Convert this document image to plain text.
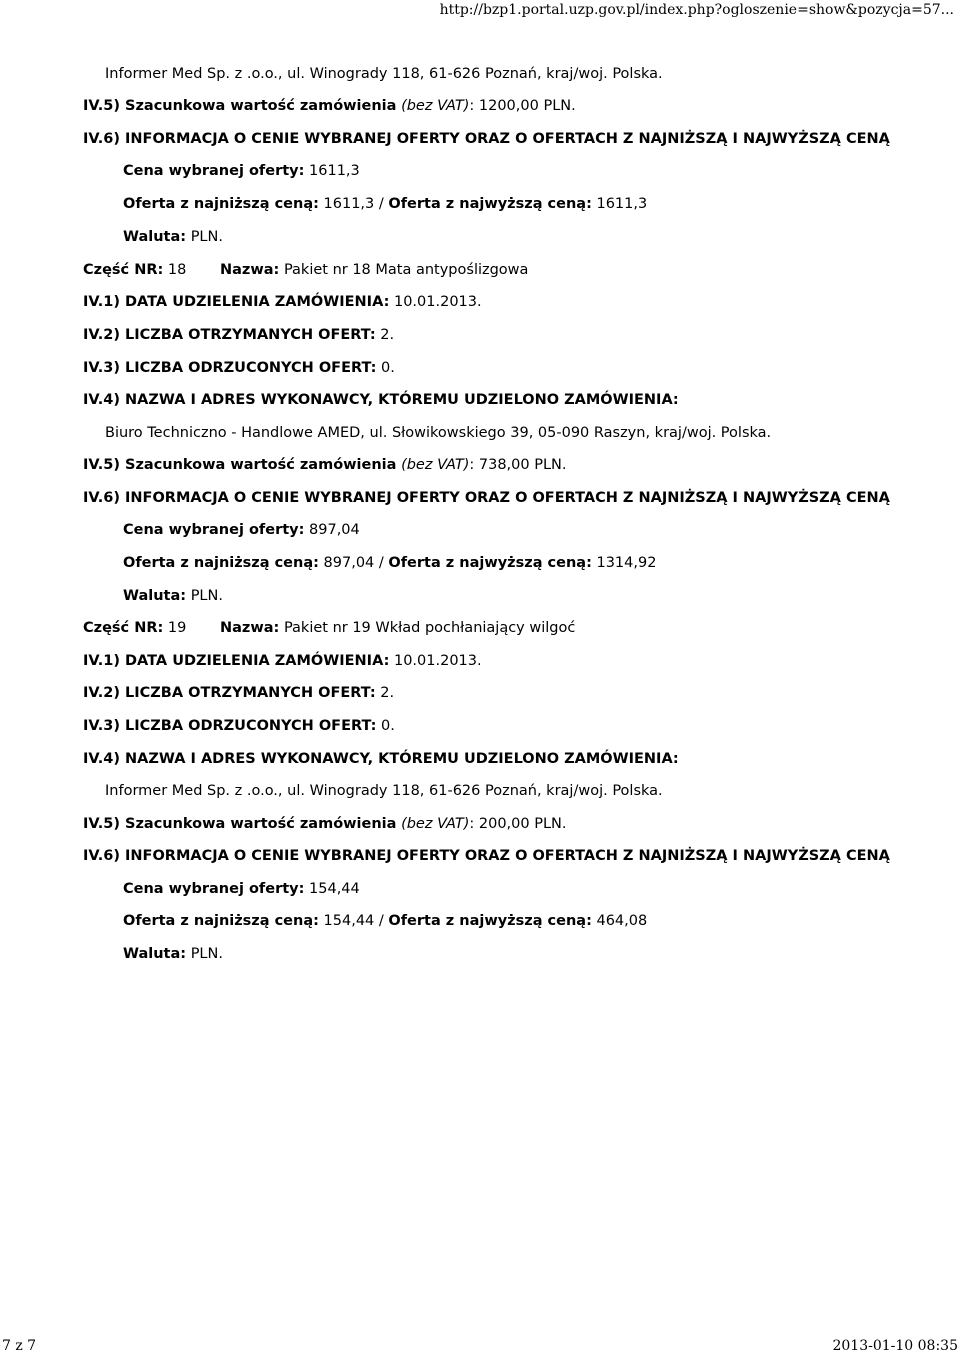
http://bzp1.portal.uzp.gov.pl/index.php?ogloszenie=show&pozycja=57...
Informer Med Sp. z .o.o., ul. Winogrady 118, 61-626 Poznań, kraj/woj. Polska.
IV.5) Szacunkowa wartość zamówienia (bez VAT): 1200,00 PLN.
IV.6) INFORMACJA O CENIE WYBRANEJ OFERTY ORAZ O OFERTACH Z NAJNIŻSZĄ I NAJWYŻSZĄ CENĄ
Cena wybranej oferty: 1611,3
Oferta z najniższą ceną: 1611,3 / Oferta z najwyższą ceną: 1611,3
Waluta: PLN.
Część NR: 18 Nazwa: Pakiet nr 18 Mata antypoślizgowa
IV.1) DATA UDZIELENIA ZAMÓWIENIA: 10.01.2013.
IV.2) LICZBA OTRZYMANYCH OFERT: 2.
IV.3) LICZBA ODRZUCONYCH OFERT: 0.
IV.4) NAZWA I ADRES WYKONAWCY, KTÓREMU UDZIELONO ZAMÓWIENIA:
Biuro Techniczno - Handlowe AMED, ul. Słowikowskiego 39, 05-090 Raszyn, kraj/woj. Polska.
IV.5) Szacunkowa wartość zamówienia (bez VAT): 738,00 PLN.
IV.6) INFORMACJA O CENIE WYBRANEJ OFERTY ORAZ O OFERTACH Z NAJNIŻSZĄ I NAJWYŻSZĄ CENĄ
Cena wybranej oferty: 897,04
Oferta z najniższą ceną: 897,04 / Oferta z najwyższą ceną: 1314,92
Waluta: PLN.
Część NR: 19 Nazwa: Pakiet nr 19 Wkład pochłaniający wilgoć
IV.1) DATA UDZIELENIA ZAMÓWIENIA: 10.01.2013.
IV.2) LICZBA OTRZYMANYCH OFERT: 2.
IV.3) LICZBA ODRZUCONYCH OFERT: 0.
IV.4) NAZWA I ADRES WYKONAWCY, KTÓREMU UDZIELONO ZAMÓWIENIA:
Informer Med Sp. z .o.o., ul. Winogrady 118, 61-626 Poznań, kraj/woj. Polska.
IV.5) Szacunkowa wartość zamówienia (bez VAT): 200,00 PLN.
IV.6) INFORMACJA O CENIE WYBRANEJ OFERTY ORAZ O OFERTACH Z NAJNIŻSZĄ I NAJWYŻSZĄ CENĄ
Cena wybranej oferty: 154,44
Oferta z najniższą ceną: 154,44 / Oferta z najwyższą ceną: 464,08
Waluta: PLN.
7 z 7	2013-01-10 08:35
